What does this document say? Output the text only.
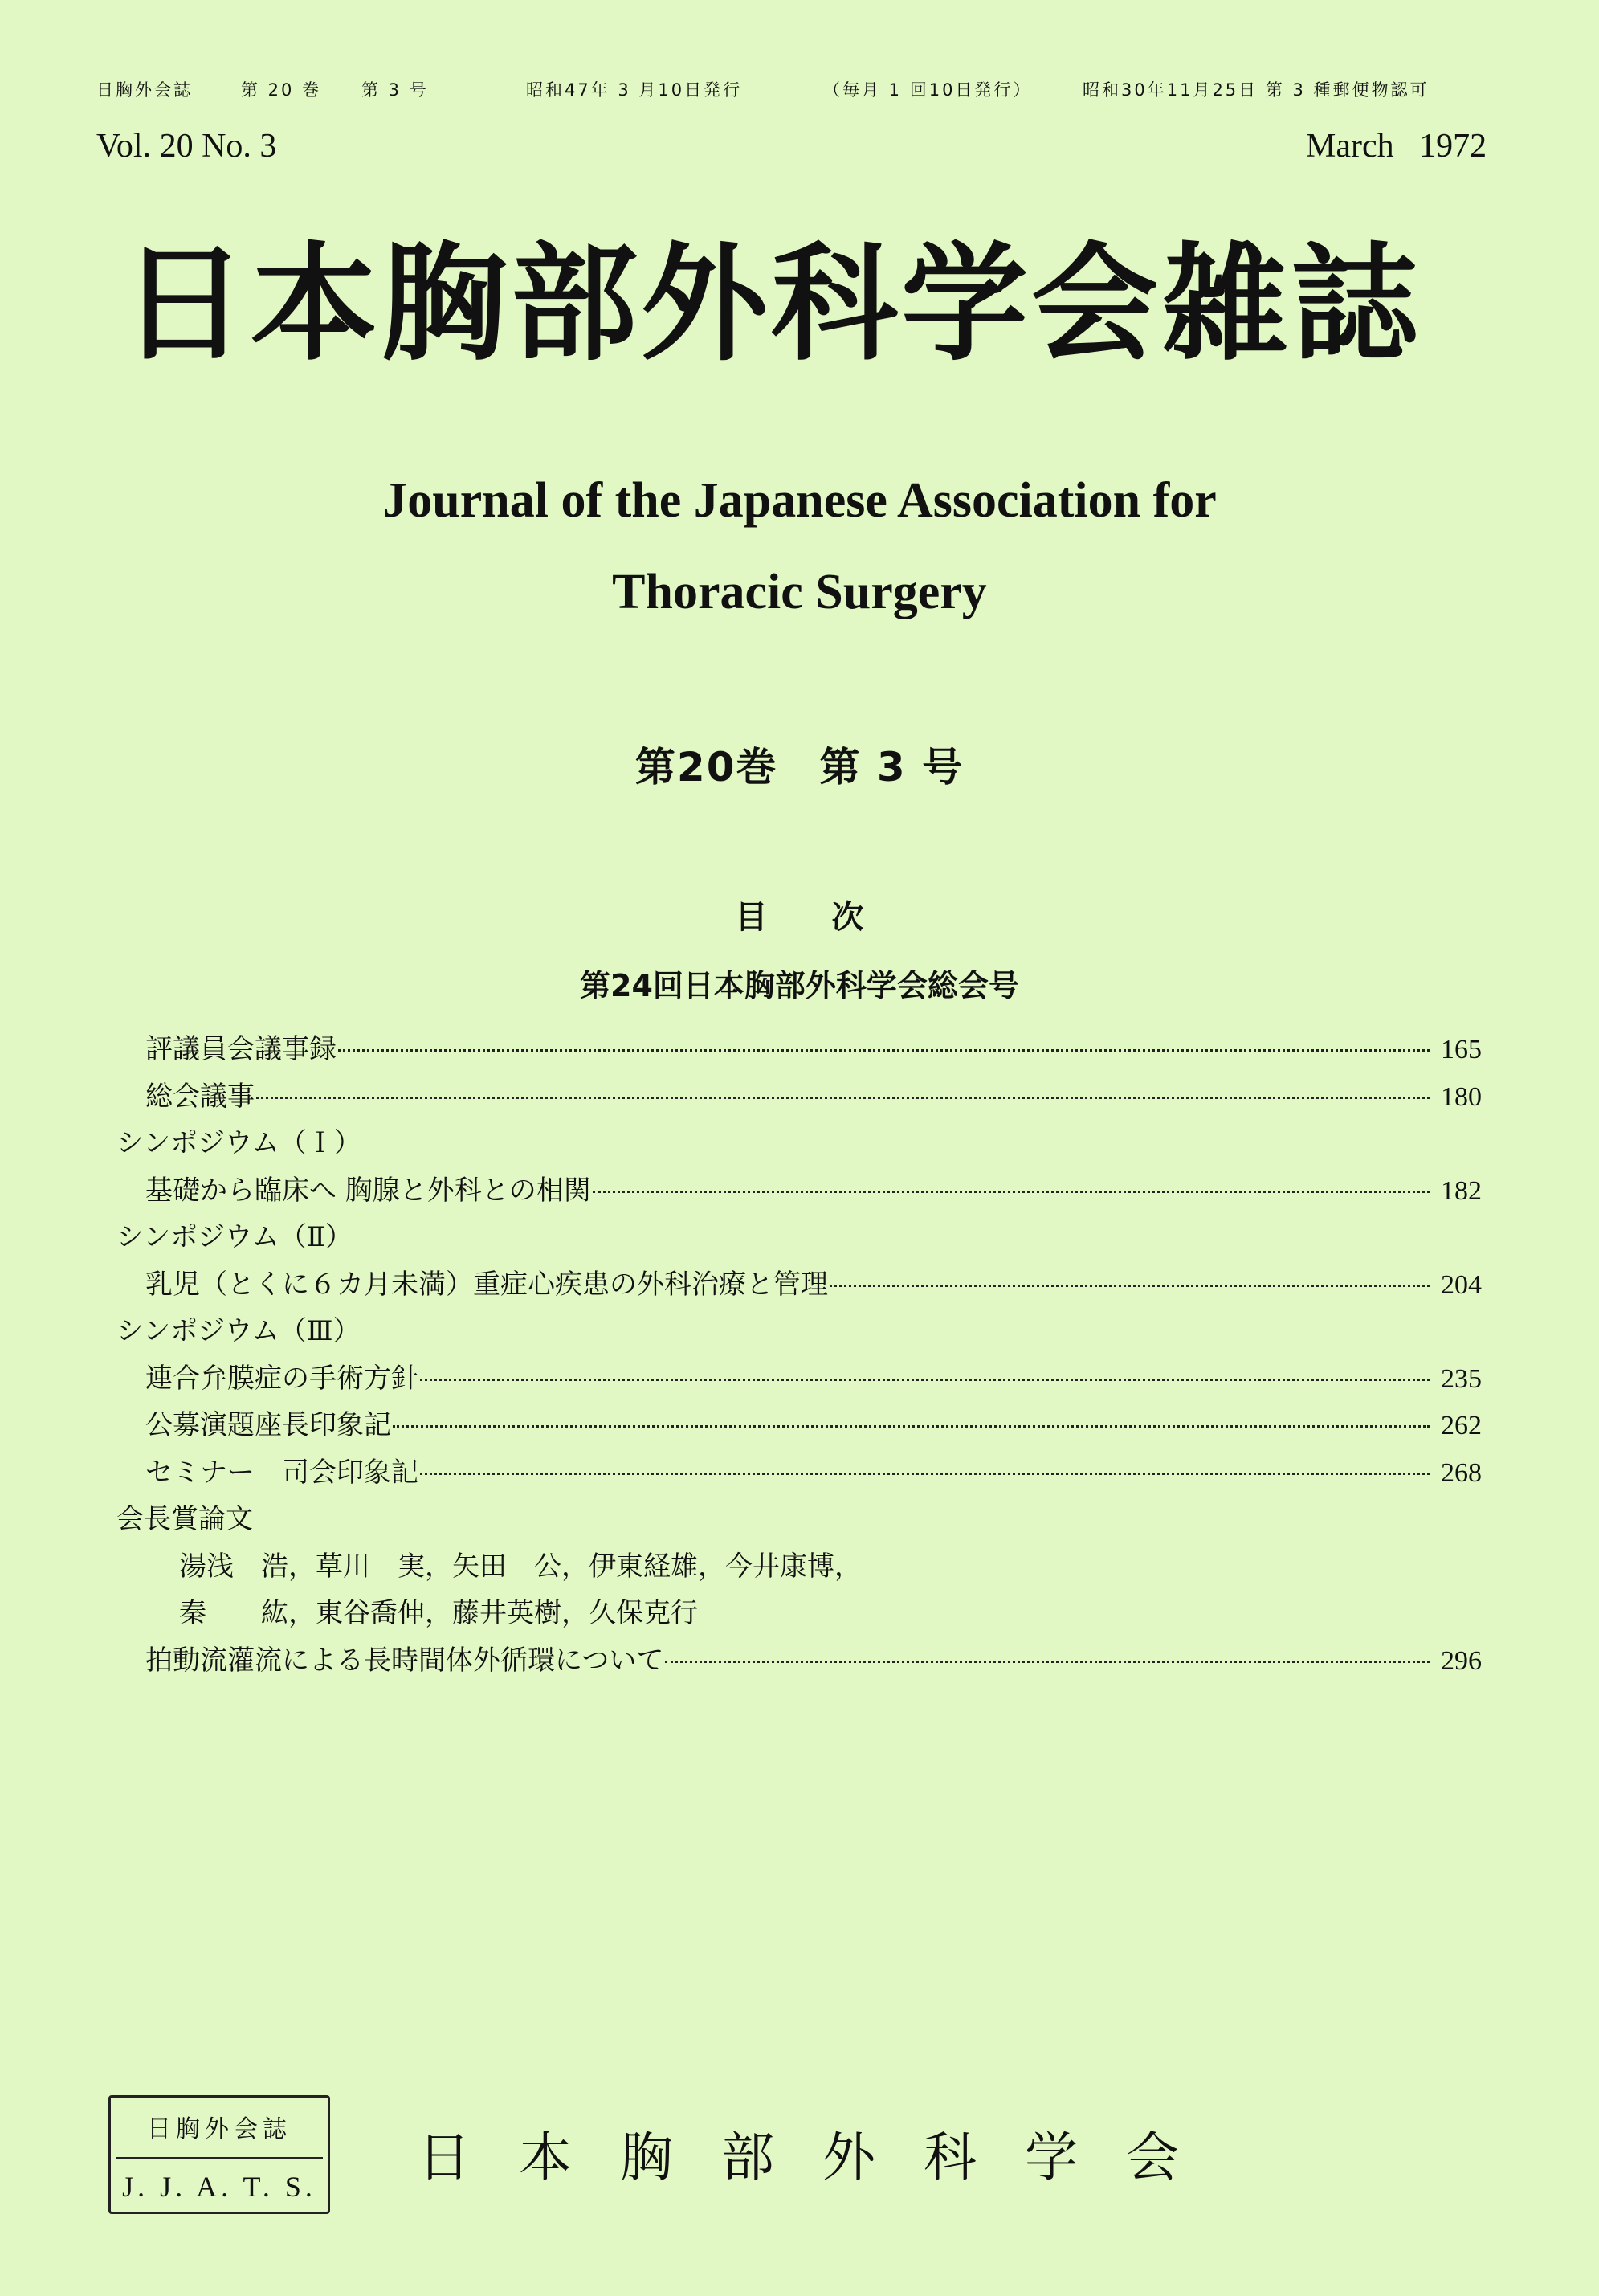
日胸外会誌	第 20 巻 第 3 号	昭和47年 3 月10日発行	（毎月 1 回10日発行）	昭和30年11月25日 第 3 種郵便物認可
Vol. 20 No. 3	March   1972
日本胸部外科学会雑誌
Journal of the Japanese Association for
Thoracic Surgery
第20巻　第 3 号
目　　次
第24回日本胸部外科学会総会号
評議員会議事録	165
総会議事	180
シンポジウム（Ｉ）
基礎から臨床へ 胸腺と外科との相関	182
シンポジウム（Ⅱ）
乳児（とくに６カ月未満）重症心疾患の外科治療と管理	204
シンポジウム（Ⅲ）
連合弁膜症の手術方針	235
公募演題座長印象記	262
セミナー　司会印象記	268
会長賞論文
湯浅　浩，草川　実，矢田　公，伊東経雄，今井康博，
秦　　紘，東谷喬伸，藤井英樹，久保克行
拍動流灌流による長時間体外循環について	296
日胸外会誌
J. J. A. T. S. 日本胸部外科学会
